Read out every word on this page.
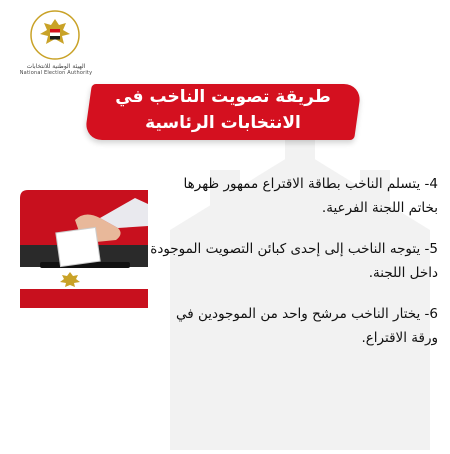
الهيئة الوطنية للانتخابات
National Election Authority
طريقة تصويت الناخب في
الانتخابات الرئاسية
4- يتسلم الناخب بطاقة الاقتراع ممهور ظهرها بخاتم اللجنة الفرعية.
5- يتوجه الناخب إلى إحدى كبائن التصويت الموجودة داخل اللجنة.
6- يختار الناخب مرشح واحد من الموجودين في ورقة الاقتراع.
